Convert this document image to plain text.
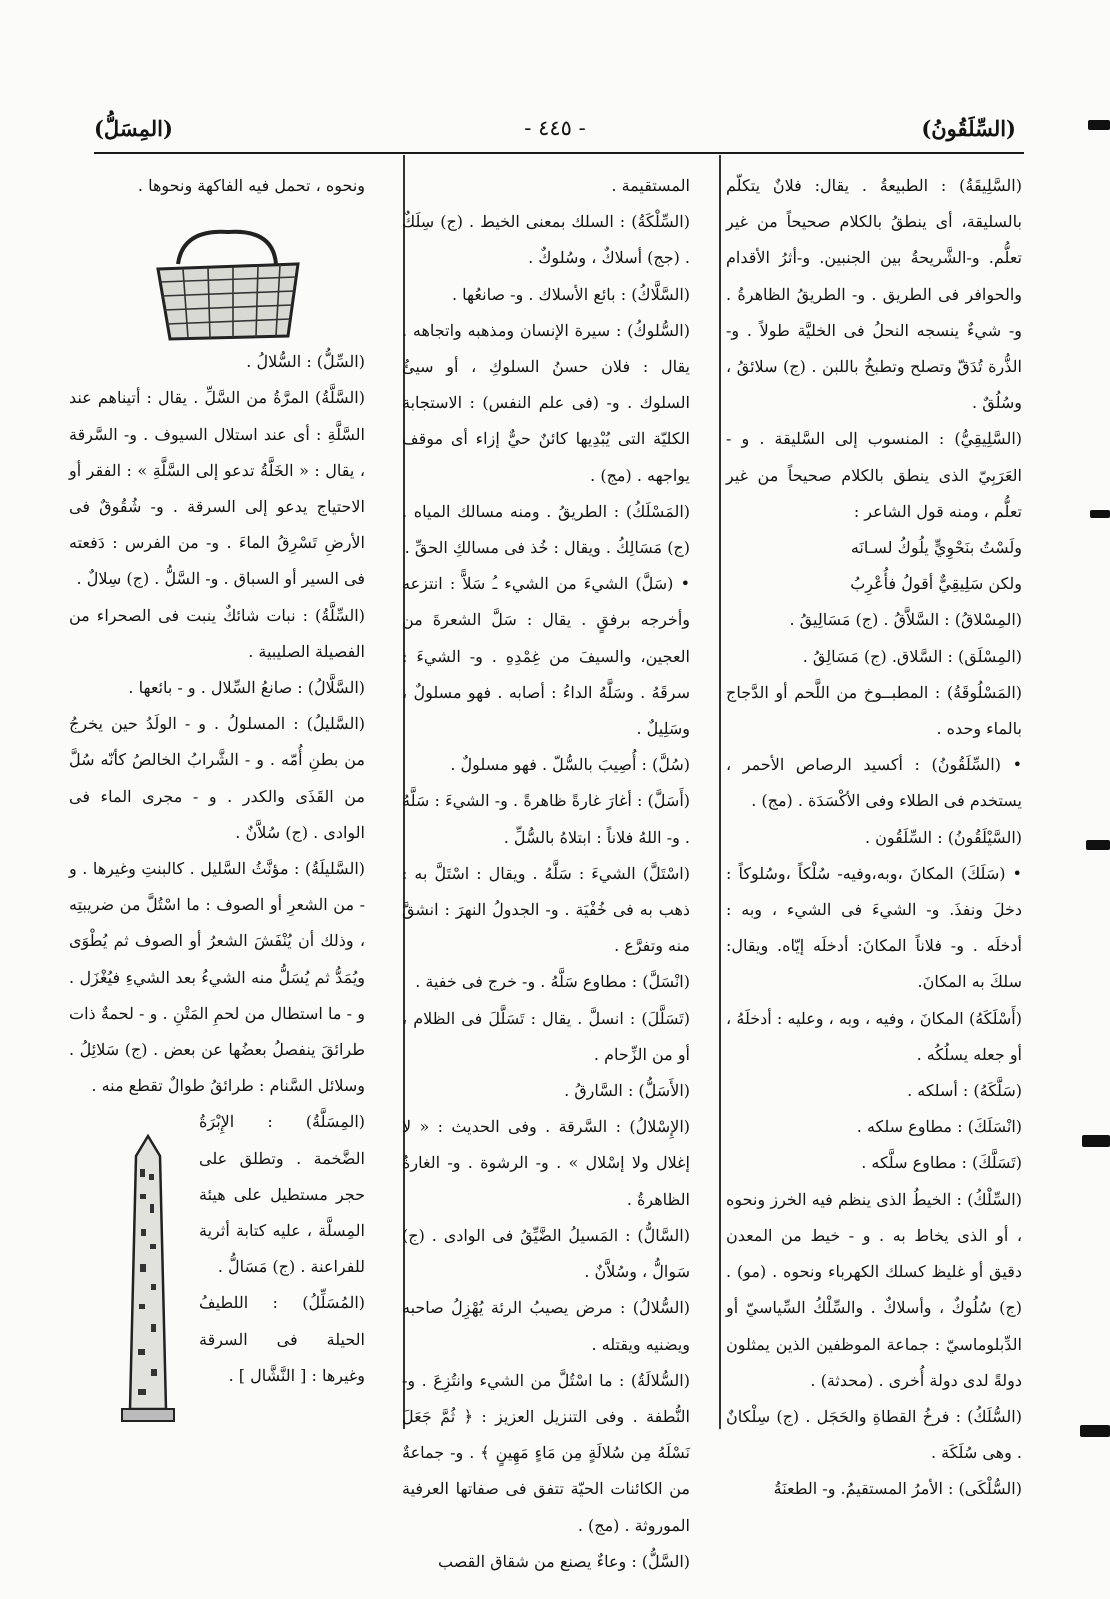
(السِّلَقُونُ)
- ٤٤٥ -
(المِسَلُّ)

(السَّلِيقَةُ) : الطبيعةُ . يقال: فلانٌ يتكلّم بالسليقة، أى ينطقُ بالكلام صحيحاً من غير تعلُّم. و-الشَّريحةُ بين الجنبين. و-أثرُ الأقدام والحوافر فى الطريق . و- الطريقُ الظاهرةُ . و- شيءٌ ينسجه النحلُ فى الخليَّة طولاً . و- الذُّرة تُدَقّ وتصلح وتطبخُ باللبن . (ج) سلائقُ ، وسُلُقٌ .

(السَّلِيقِيُّ) : المنسوب إلى السَّليقة . و - العَرَبِيّ الذى ينطق بالكلام صحيحاً من غير تعلُّم ، ومنه قول الشاعر :

ولَسْتُ بنَحْوِيٍّ يلُوكُ لسـانَه

ولكن سَلِيقِيٌّ أقولُ فأُعْرِبُ

(المِسْلاقُ) : السَّلاَّقُ . (ج) مَسَالِيقُ .

(المِسْلَق) : السَّلاق. (ج) مَسَالِقُ .

(المَسْلُوقَةُ) : المطبــوخ من اللَّحم أو الدَّجاج بالماء وحده .

• (السِّلَقُونُ) : أكسيد الرصاص الأحمر ، يستخدم فى الطلاء وفى الأكْسَدَة . (مج) .

(السَّيْلَقُونُ) : السِّلَقُون .

• (سَلَكَ) المكانَ ،وبه،وفيه- سُلْكاً ،وسُلوكاً : دخلَ ونفذَ. و- الشيءَ فى الشيء ، وبه : أدخلَه . و- فلاناً المكانَ: أدخلَه إيّاه. ويقال: سلكَ به المكانَ.

(أَسْلَكَهُ) المكانَ ، وفيه ، وبه ، وعليه : أدخلَهُ ، أو جعله يسلُكُه .

(سَلَّكَهُ) : أسلكه .

(انْسَلَكَ) : مطاوع سلكه .

(تَسَلَّكَ) : مطاوع سلَّكه .

(السِّلْكُ) : الخيطُ الذى ينظم فيه الخرز ونحوه ، أو الذى يخاط به . و - خيط من المعدن دقيق أو غليظ كسلك الكهرباء ونحوه . (مو) . (ج) سُلُوكٌ ، وأسلاكٌ . والسِّلْكُ السِّياسيّ أو الدِّبلوماسيّ : جماعة الموظفين الذين يمثلون دولةً لدى دولة أُخرى . (محدثة) .

(السُّلَكُ) : فرخُ القطاةِ والحَجَل . (ج) سِلْكانٌ . وهى سُلَكَة .

(السُّلْكَى) : الأمرُ المستقيمُ. و- الطعنَةُ

المستقيمة .

(السِّلْكَةُ) : السلك بمعنى الخيط . (ج) سِلَكٌ . (جج) أسلاكٌ ، وسُلوكٌ .

(السَّلَّاكُ) : بائع الأسلاك . و- صانعُها .

(السُّلوكُ) : سيرة الإنسان ومذهبه واتجاهه . يقال : فلان حسنُ السلوكِ ، أو سيئُ السلوك . و- (فى علم النفس) : الاستجابة الكليّة التى يُبْدِيها كائنٌ حيٌّ إزاء أى موقف يواجهه . (مج) .

(المَسْلَكُ) : الطريقُ . ومنه مسالك المياه . (ج) مَسَالِكُ . ويقال : خُذ فى مسالكِ الحقِّ .

• (سَلَّ) الشيءَ من الشيء ـُ سَلاًّ : انتزعه وأخرجه برفقٍ . يقال : سَلَّ الشعرةَ من العجين، والسيفَ من غِمْدِهِ . و- الشيءَ : سرقَهُ . وسَلَّهُ الداءُ : أصابه . فهو مسلولٌ ، وسَلِيلٌ .

(سُلَّ) : أُصِيبَ بالسُّلّ . فهو مسلولٌ .

(أَسَلَّ) : أغارَ غارةً ظاهرةً . و- الشيءَ : سَلَّهُ . و- اللهُ فلاناً : ابتلاهُ بالسُّلِّ .

(اسْتَلَّ) الشيءَ : سَلَّهُ . ويقال : اسْتَلَّ به : ذهب به فى خُفْيَة . و- الجدولُ النهرَ : انشقَّ منه وتفرَّع .

(انْسَلَّ) : مطاوع سَلَّهُ . و- خرج فى خفية .

(تَسَلَّلَ) : انسلَّ . يقال : تَسَلَّلَ فى الظلام ، أو من الزِّحام .

(الأَسَلُّ) : السَّارقُ .

(الإِسْلالُ) : السَّرقة . وفى الحديث : « لا إغلال ولا إسْلال » . و- الرشوة . و- الغارةُ الظاهرةُ .

(السَّالُّ) : المَسيلُ الضَّيِّقُ فى الوادى . (ج) سَوالُّ ، وسُلاَّنٌ .

(السُّلالُ) : مرض يصيبُ الرئة يُهْزِلُ صاحبه ويضنيه ويقتله .

(السُّلالَةُ) : ما اسْتُلَّ من الشيء وانتُزِعَ . و- النُّطفة . وفى التنزيل العزيز : ﴿ ثُمَّ جَعَلَ نَسْلَهُ مِن سُلالَةٍ مِن مَاءٍ مَهِينٍ ﴾ . و- جماعةٌ من الكائنات الحيّة تتفق فى صفاتها العرفية الموروثة . (مج) .

(السَّلُّ) : وعاءٌ يصنع من شقاق القصب

ونحوه ، تحمل فيه الفاكهة ونحوها .

(السِّلُّ) : السُّلالُ .

(السَّلَّةُ) المرَّةُ من السَّلِّ . يقال : أتيناهم عند السَّلَّةِ : أى عند استلال السيوف . و- السَّرقة ، يقال : « الخَلَّةُ تدعو إلى السَّلَّةِ » : الفقر أو الاحتياج يدعو إلى السرقة . و- شُقُوقٌ فى الأرضِ تَسْرِقُ الماءَ . و- من الفرس : دَفعته فى السير أو السباق . و- السَّلُّ . (ج) سِلالٌ .

(السِّلَّةُ) : نبات شائكٌ ينبت فى الصحراء من الفصيلة الصليبية .

(السَّلَّالُ) : صانعُ السِّلال . و - بائعها .

(السَّليلُ) : المسلولُ . و - الولَدُ حين يخرجُ من بطنِ أُمّه . و - الشَّرابُ الخالصُ كأنّه سُلَّ من القَذَى والكدر . و - مجرى الماء فى الوادى . (ج) سُلاَّنٌ .

(السَّليلَةُ) : مؤنَّثُ السَّليل . كالبنتِ وغيرها . و - من الشعرِ أو الصوف : ما اسْتُلَّ من ضريبتِه ، وذلك أن يُنْفَشَ الشعرُ أو الصوف ثم يُطْوَى ويُمَدُّ ثم يُسَلُّ منه الشيءُ بعد الشيءِ فيُغْزَل . و - ما استطال من لحمِ المَتْنِ . و - لحمةٌ ذات طرائقَ ينفصلُ بعضُها عن بعض . (ج) سَلائِلُ . وسلائل السَّنام : طرائقُ طوالٌ تقطع منه .

(المِسَلَّةُ) : الإِبْرَةُ الضَّخمة . وتطلق على حجر مستطيل على هيئة المِسلَّة ، عليه كتابة أثرية للفراعنة . (ج) مَسَالُّ .

(المُسَلِّلُ) : اللطيفُ الحيلة فى السرقة وغيرها : [ النَّشَّال ] .
